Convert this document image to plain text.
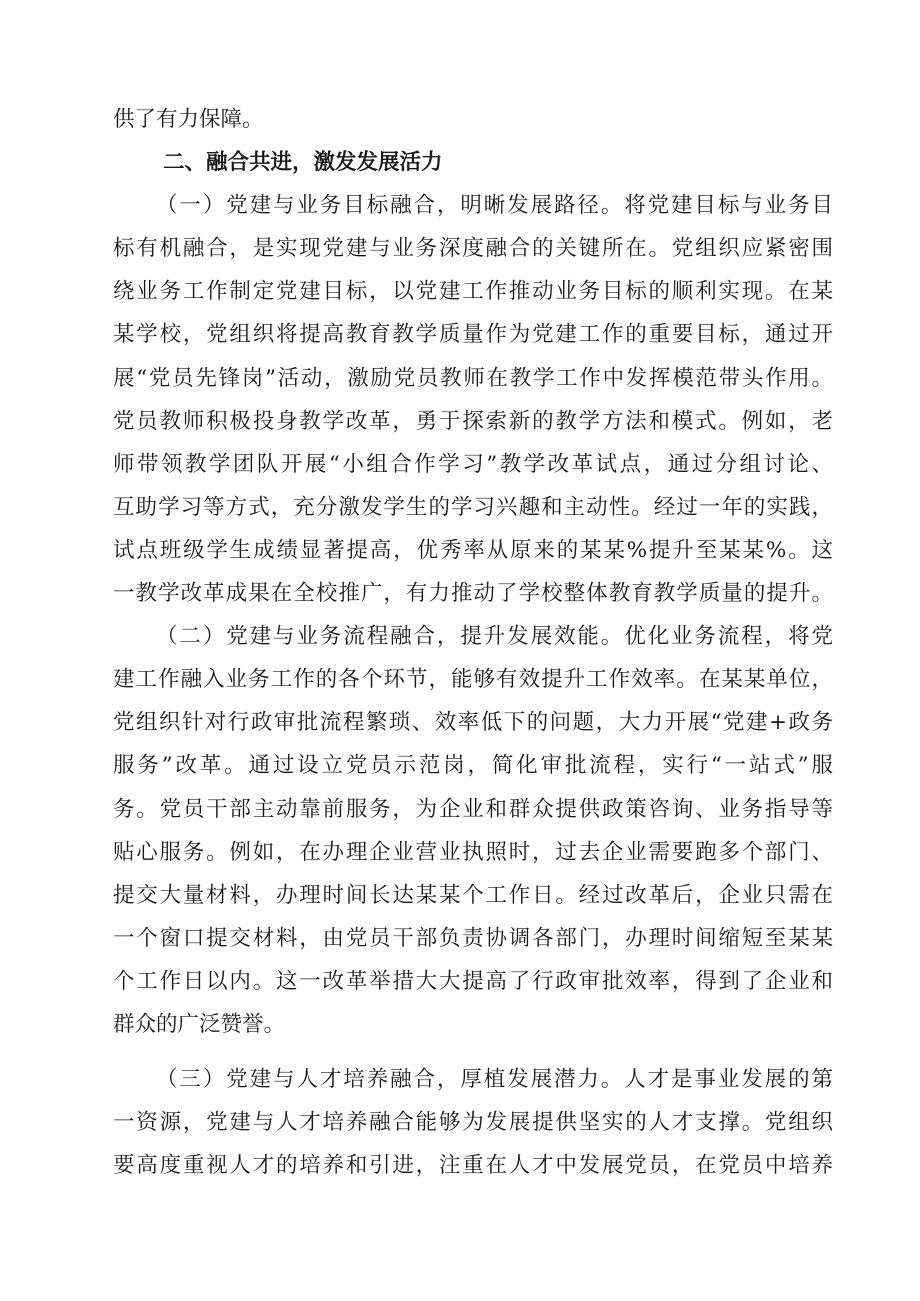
供了有力保障。
二、融合共进，激发发展活力
（一）党建与业务目标融合，明晰发展路径。将党建目标与业务目
标有机融合，是实现党建与业务深度融合的关键所在。党组织应紧密围
绕业务工作制定党建目标，以党建工作推动业务目标的顺利实现。在某
某学校，党组织将提高教育教学质量作为党建工作的重要目标，通过开
展“党员先锋岗”活动，激励党员教师在教学工作中发挥模范带头作用。
党员教师积极投身教学改革，勇于探索新的教学方法和模式。例如，老
师带领教学团队开展“小组合作学习”教学改革试点，通过分组讨论、
互助学习等方式，充分激发学生的学习兴趣和主动性。经过一年的实践，
试点班级学生成绩显著提高，优秀率从原来的某某%提升至某某%。这
一教学改革成果在全校推广，有力推动了学校整体教育教学质量的提升。
（二）党建与业务流程融合，提升发展效能。优化业务流程，将党
建工作融入业务工作的各个环节，能够有效提升工作效率。在某某单位，
党组织针对行政审批流程繁琐、效率低下的问题，大力开展“党建+政务
服务”改革。通过设立党员示范岗，简化审批流程，实行“一站式”服
务。党员干部主动靠前服务，为企业和群众提供政策咨询、业务指导等
贴心服务。例如，在办理企业营业执照时，过去企业需要跑多个部门、
提交大量材料，办理时间长达某某个工作日。经过改革后，企业只需在
一个窗口提交材料，由党员干部负责协调各部门，办理时间缩短至某某
个工作日以内。这一改革举措大大提高了行政审批效率，得到了企业和
群众的广泛赞誉。
（三）党建与人才培养融合，厚植发展潜力。人才是事业发展的第
一资源，党建与人才培养融合能够为发展提供坚实的人才支撑。党组织
要高度重视人才的培养和引进，注重在人才中发展党员，在党员中培养
